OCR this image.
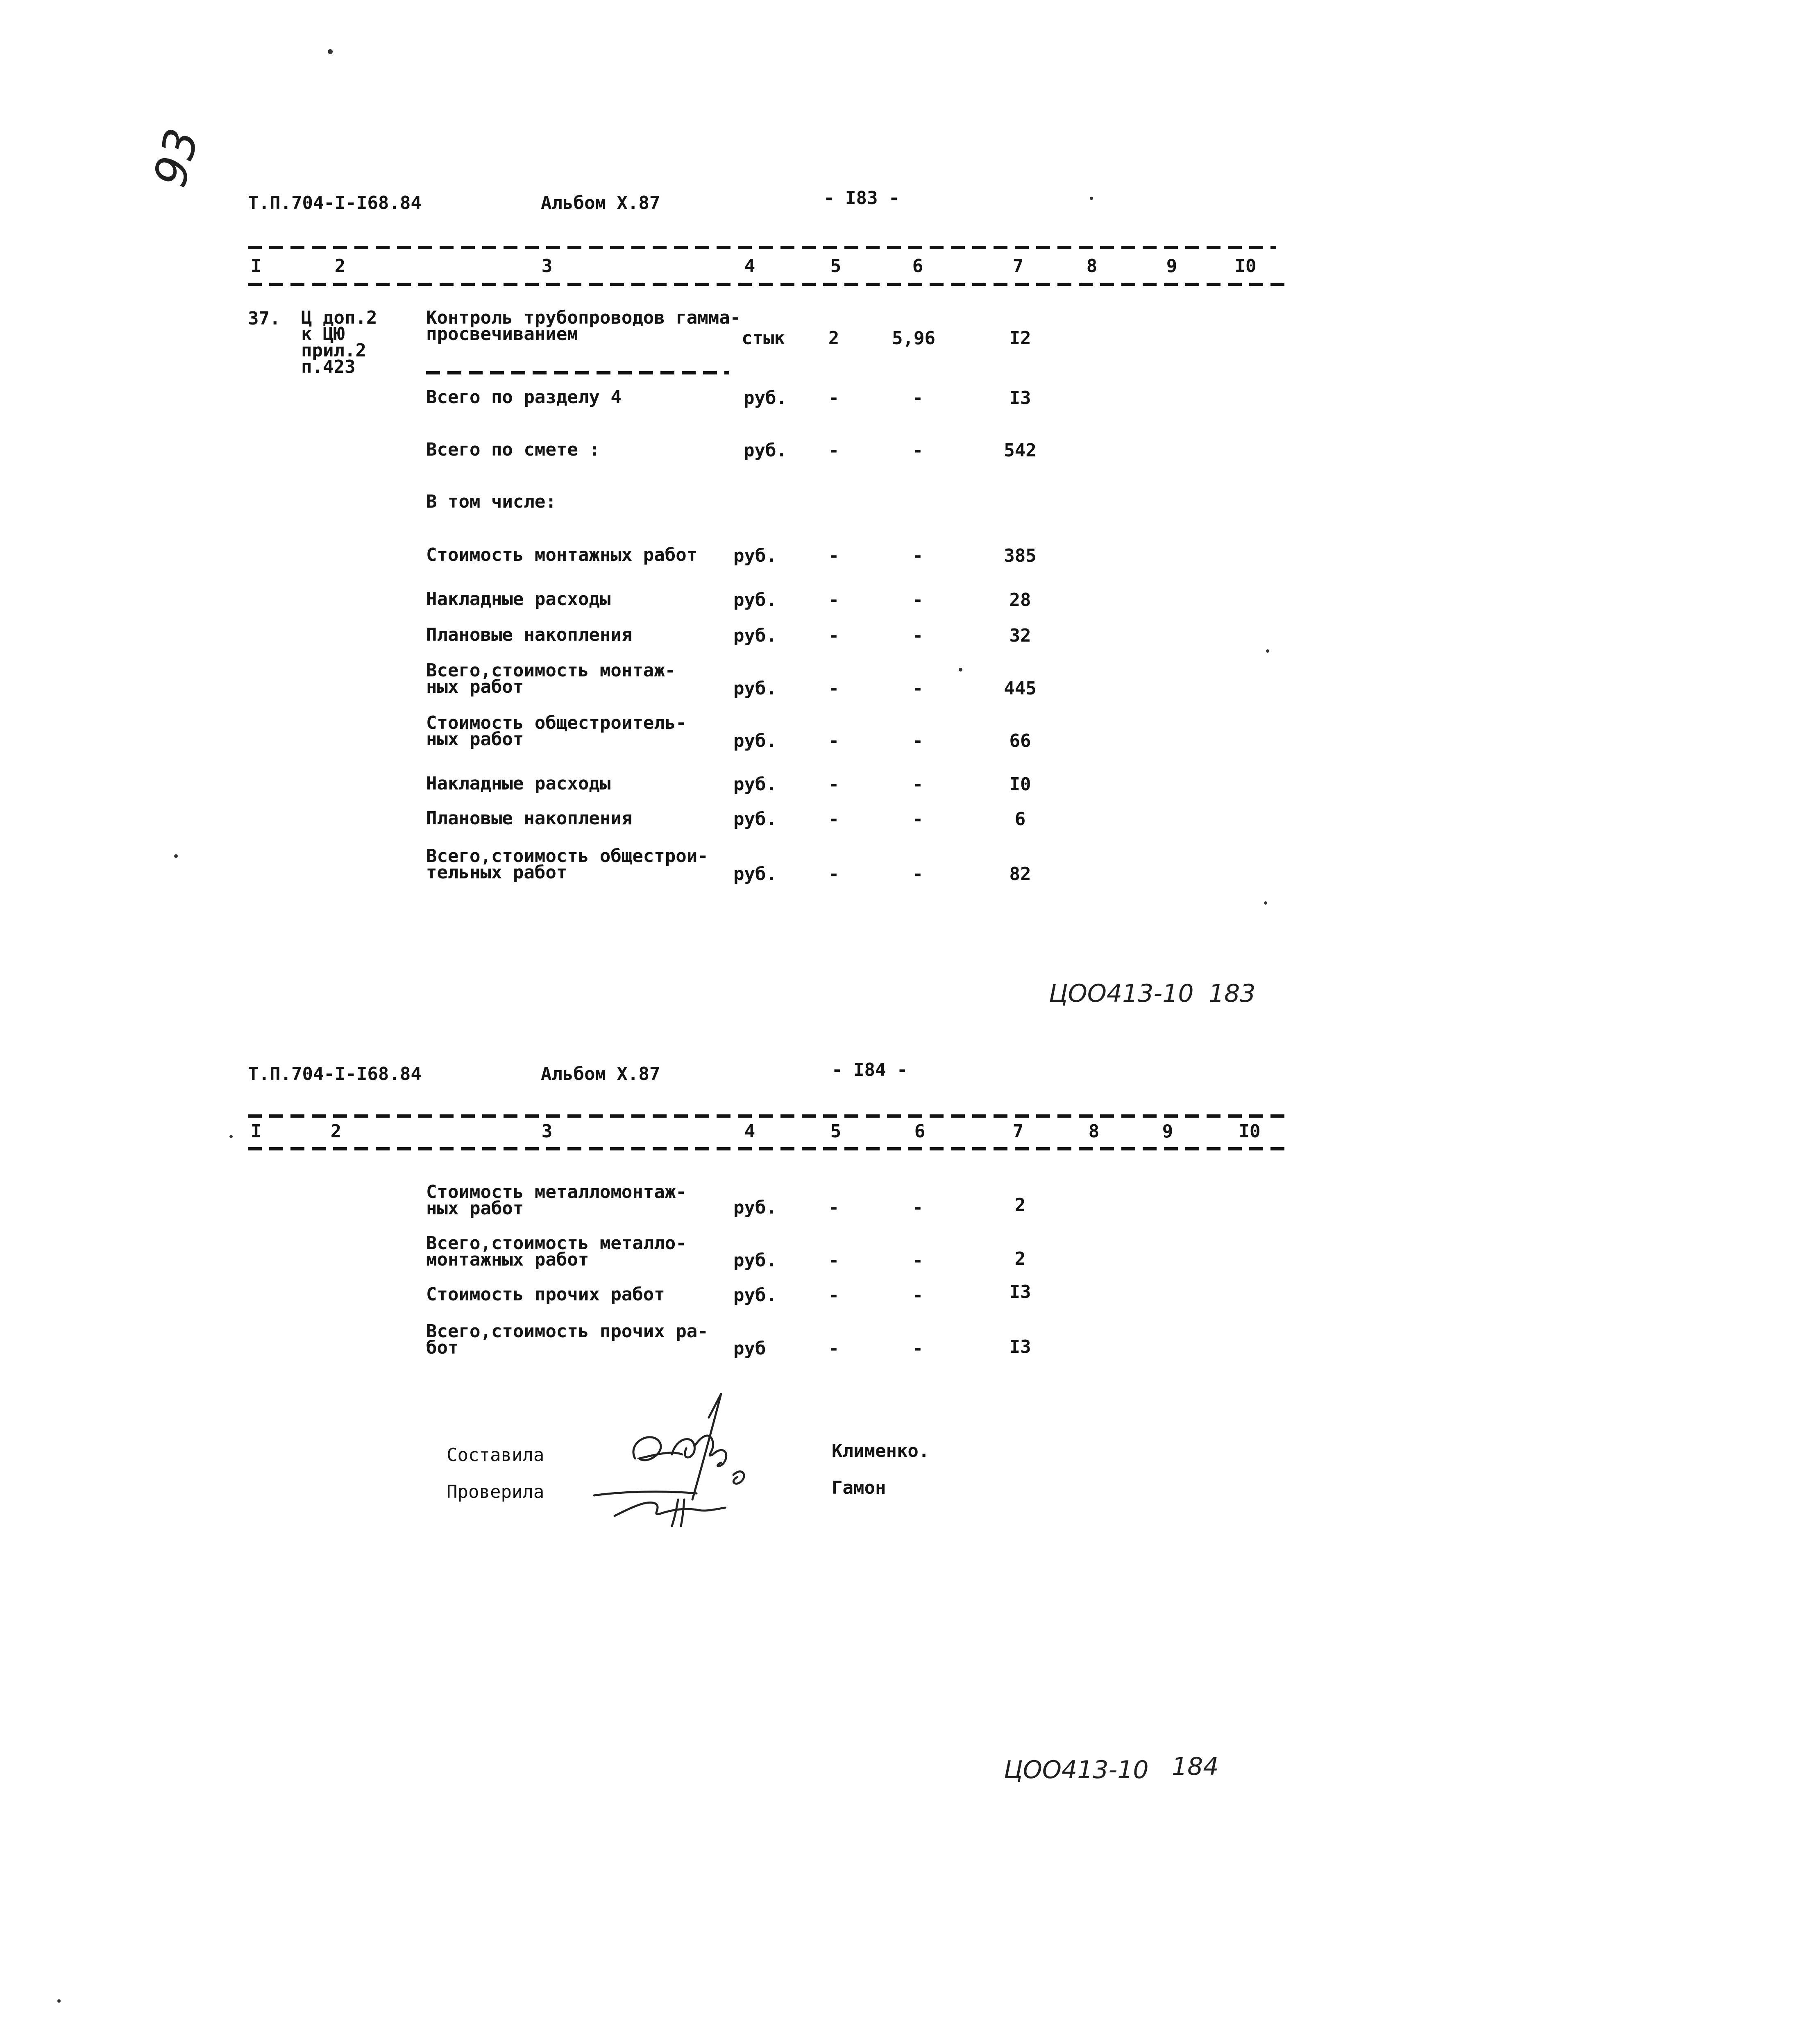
93
Т.П.704-I-I68.84	Альбом X.87	- I83 -
I	2	3	4	5	6	7	8	9	I0
37. Ц доп.2
к ЦЮ
прил.2
п.423
Контроль трубопроводов гамма-
просвечиванием	стык 2	5,96	I2
Всего по разделу 4	руб. -	-	I3
Всего по смете :	руб. -	-	542
В том числе:
Стоимость монтажных работ руб.	-	-	385
Накладные расходы	руб.	-	-	28
Плановые накопления	руб.	-	-	32
Всего,стоимость монтаж-
ных работ	руб.	-	-	445
Стоимость общестроитель-
ных работ	руб.	-	-	66
Накладные расходы	руб.	-	-	I0
Плановые накопления	руб.	-	-	6
Всего,стоимость общестрои-
тельных работ	руб.	-	-	82
ЦОО413-10 183
Т.П.704-I-I68.84	Альбом X.87	- I84 -
I	2	3	4	5	6	7	8	9	I0
Стоимость металломонтаж-
ных работ	руб.	-	-	2
Всего,стоимость металло-
монтажных работ	руб.	-	-	2
Стоимость прочих работ	руб.	-	-	I3
Всего,стоимость прочих ра-
бот	руб	-	-	I3
Составила
Проверила
Клименко.
Гамон
ЦОО413-10 184
